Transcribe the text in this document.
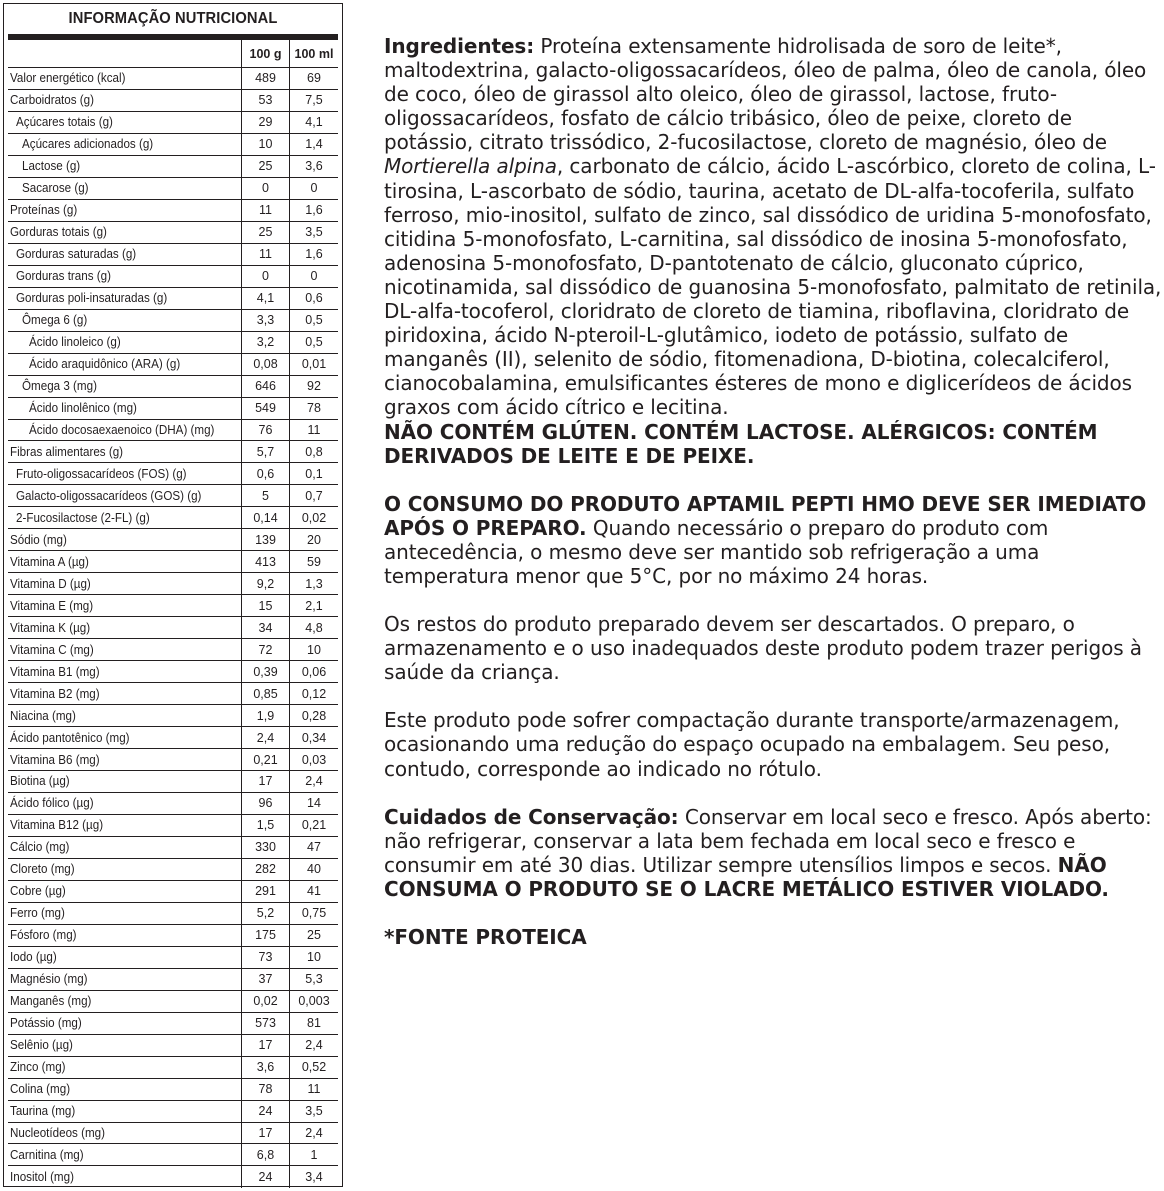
INFORMAÇÃO NUTRICIONAL
100 g	100 ml
Valor energético (kcal)	489	69
Carboidratos (g)	53	7,5
Açúcares totais (g)	29	4,1
Açúcares adicionados (g)	10	1,4
Lactose (g)	25	3,6
Sacarose (g)	0	0
Proteínas (g)	11	1,6
Gorduras totais (g)	25	3,5
Gorduras saturadas (g)	11	1,6
Gorduras trans (g)	0	0
Gorduras poli-insaturadas (g)	4,1	0,6
Ômega 6 (g)	3,3	0,5
Ácido linoleico (g)	3,2	0,5
Ácido araquidônico (ARA) (g)	0,08	0,01
Ômega 3 (mg)	646	92
Ácido linolênico (mg)	549	78
Ácido docosaexaenoico (DHA) (mg)	76	11
Fibras alimentares (g)	5,7	0,8
Fruto-oligossacarídeos (FOS) (g)	0,6	0,1
Galacto-oligossacarídeos (GOS) (g)	5	0,7
2-Fucosilactose (2-FL) (g)	0,14	0,02
Sódio (mg)	139	20
Vitamina A (µg)	413	59
Vitamina D (µg)	9,2	1,3
Vitamina E (mg)	15	2,1
Vitamina K (µg)	34	4,8
Vitamina C (mg)	72	10
Vitamina B1 (mg)	0,39	0,06
Vitamina B2 (mg)	0,85	0,12
Niacina (mg)	1,9	0,28
Ácido pantotênico (mg)	2,4	0,34
Vitamina B6 (mg)	0,21	0,03
Biotina (µg)	17	2,4
Ácido fólico (µg)	96	14
Vitamina B12 (µg)	1,5	0,21
Cálcio (mg)	330	47
Cloreto (mg)	282	40
Cobre (µg)	291	41
Ferro (mg)	5,2	0,75
Fósforo (mg)	175	25
Iodo (µg)	73	10
Magnésio (mg)	37	5,3
Manganês (mg)	0,02	0,003
Potássio (mg)	573	81
Selênio (µg)	17	2,4
Zinco (mg)	3,6	0,52
Colina (mg)	78	11
Taurina (mg)	24	3,5
Nucleotídeos (mg)	17	2,4
Carnitina (mg)	6,8	1
Inositol (mg)	24	3,4

Ingredientes: Proteína extensamente hidrolisada de soro de leite*, maltodextrina, galacto-oligossacarídeos, óleo de palma, óleo de canola, óleo de coco, óleo de girassol alto oleico, óleo de girassol, lactose, fruto-oligossacarídeos, fosfato de cálcio tribásico, óleo de peixe, cloreto de potássio, citrato trissódico, 2-fucosilactose, cloreto de magnésio, óleo de Mortierella alpina, carbonato de cálcio, ácido L-ascórbico, cloreto de colina, L-tirosina, L-ascorbato de sódio, taurina, acetato de DL-alfa-tocoferila, sulfato ferroso, mio-inositol, sulfato de zinco, sal dissódico de uridina 5-monofosfato, citidina 5-monofosfato, L-carnitina, sal dissódico de inosina 5-monofosfato, adenosina 5-monofosfato, D-pantotenato de cálcio, gluconato cúprico, nicotinamida, sal dissódico de guanosina 5-monofosfato, palmitato de retinila, DL-alfa-tocoferol, cloridrato de cloreto de tiamina, riboflavina, cloridrato de piridoxina, ácido N-pteroil-L-glutâmico, iodeto de potássio, sulfato de manganês (II), selenito de sódio, fitomenadiona, D-biotina, colecalciferol, cianocobalamina, emulsificantes ésteres de mono e diglicerídeos de ácidos graxos com ácido cítrico e lecitina.
NÃO CONTÉM GLÚTEN. CONTÉM LACTOSE. ALÉRGICOS: CONTÉM DERIVADOS DE LEITE E DE PEIXE.

O CONSUMO DO PRODUTO APTAMIL PEPTI HMO DEVE SER IMEDIATO APÓS O PREPARO. Quando necessário o preparo do produto com antecedência, o mesmo deve ser mantido sob refrigeração a uma temperatura menor que 5°C, por no máximo 24 horas.

Os restos do produto preparado devem ser descartados. O preparo, o armazenamento e o uso inadequados deste produto podem trazer perigos à saúde da criança.

Este produto pode sofrer compactação durante transporte/armazenagem, ocasionando uma redução do espaço ocupado na embalagem. Seu peso, contudo, corresponde ao indicado no rótulo.

Cuidados de Conservação: Conservar em local seco e fresco. Após aberto: não refrigerar, conservar a lata bem fechada em local seco e fresco e consumir em até 30 dias. Utilizar sempre utensílios limpos e secos. NÃO CONSUMA O PRODUTO SE O LACRE METÁLICO ESTIVER VIOLADO.

*FONTE PROTEICA
